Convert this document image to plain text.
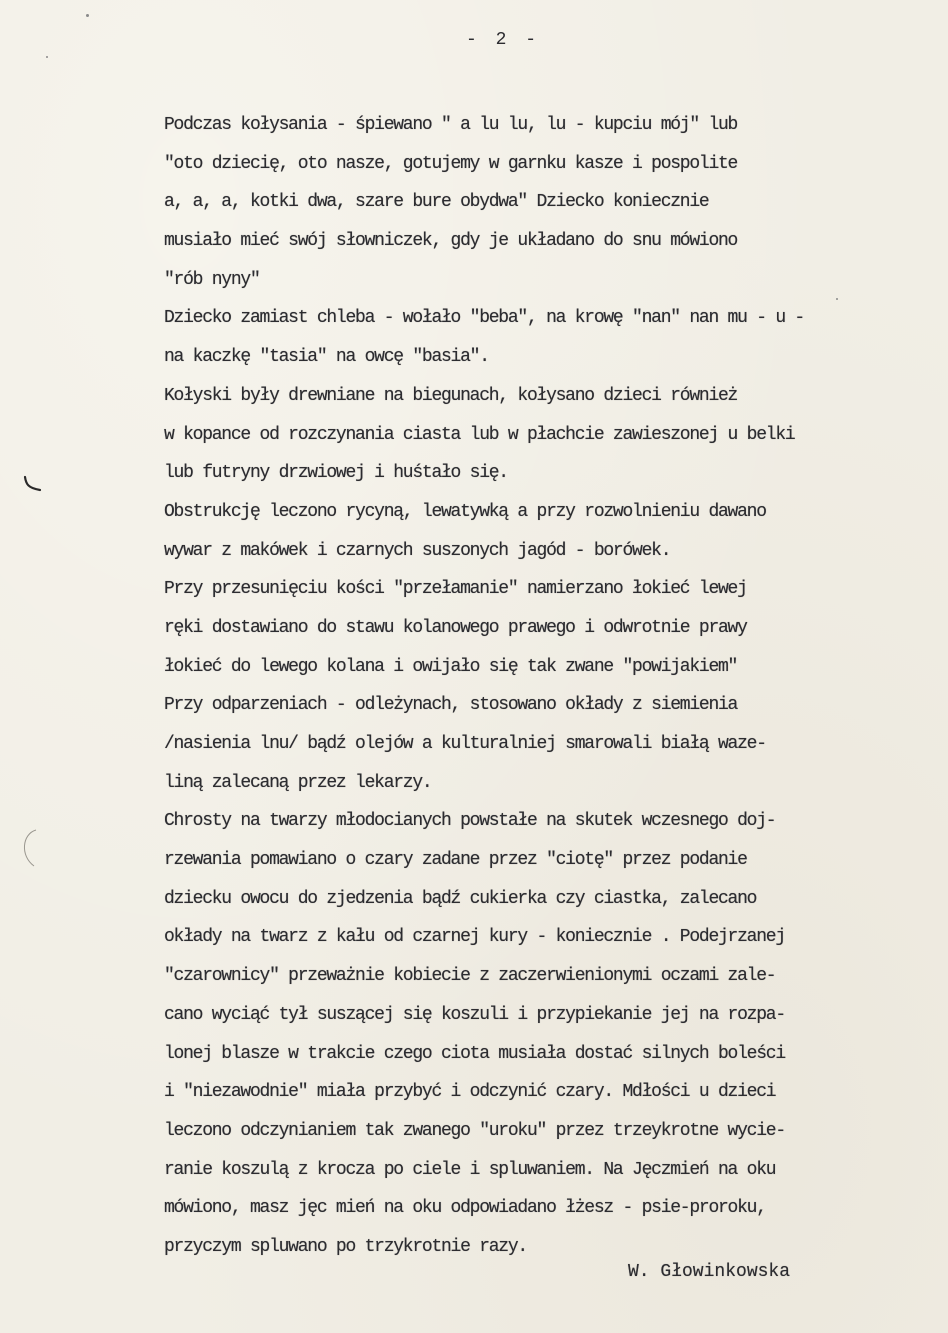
- 2 -
Podczas kołysania - śpiewano " a lu lu, lu - kupciu mój" lub
"oto dziecię, oto nasze, gotujemy w garnku kasze i pospolite
a, a, a, kotki dwa, szare bure obydwa" Dziecko koniecznie
musiało mieć swój słowniczek, gdy je układano do snu mówiono
"rób nyny"
Dziecko zamiast chleba - wołało "beba", na krowę "nan" nan mu - u -
na kaczkę "tasia" na owcę "basia".
Kołyski były drewniane na biegunach, kołysano dzieci również
w kopance od rozczynania ciasta lub w płachcie zawieszonej u belki
lub futryny drzwiowej i huśtało się.
Obstrukcję leczono rycyną, lewatywką a przy rozwolnieniu dawano
wywar z makówek i czarnych suszonych jagód - borówek.
Przy przesunięciu kości "przełamanie" namierzano łokieć lewej
ręki dostawiano do stawu kolanowego prawego i odwrotnie prawy
łokieć do lewego kolana i owijało się tak zwane "powijakiem"
Przy odparzeniach - odleżynach, stosowano okłady z siemienia
/nasienia lnu/ bądź olejów a kulturalniej smarowali białą waze-
liną zalecaną przez lekarzy.
Chrosty na twarzy młodocianych powstałe na skutek wczesnego doj-
rzewania pomawiano o czary zadane przez "ciotę" przez podanie
dziecku owocu do zjedzenia bądź cukierka czy ciastka, zalecano
okłady na twarz z kału od czarnej kury - koniecznie . Podejrzanej
"czarownicy" przeważnie kobiecie z zaczerwienionymi oczami zale-
cano wyciąć tył suszącej się koszuli i przypiekanie jej na rozpa-
lonej blasze w trakcie czego ciota musiała dostać silnych boleści
i "niezawodnie" miała przybyć i odczynić czary. Mdłości u dzieci
leczono odczynianiem tak zwanego "uroku" przez trzeykrotne wycie-
ranie koszulą z krocza po ciele i spluwaniem. Na Jęczmień na oku
mówiono, masz jęc mień na oku odpowiadano łżesz - psie-proroku,
przyczym spluwano po trzykrotnie razy.
W. Głowinkowska
